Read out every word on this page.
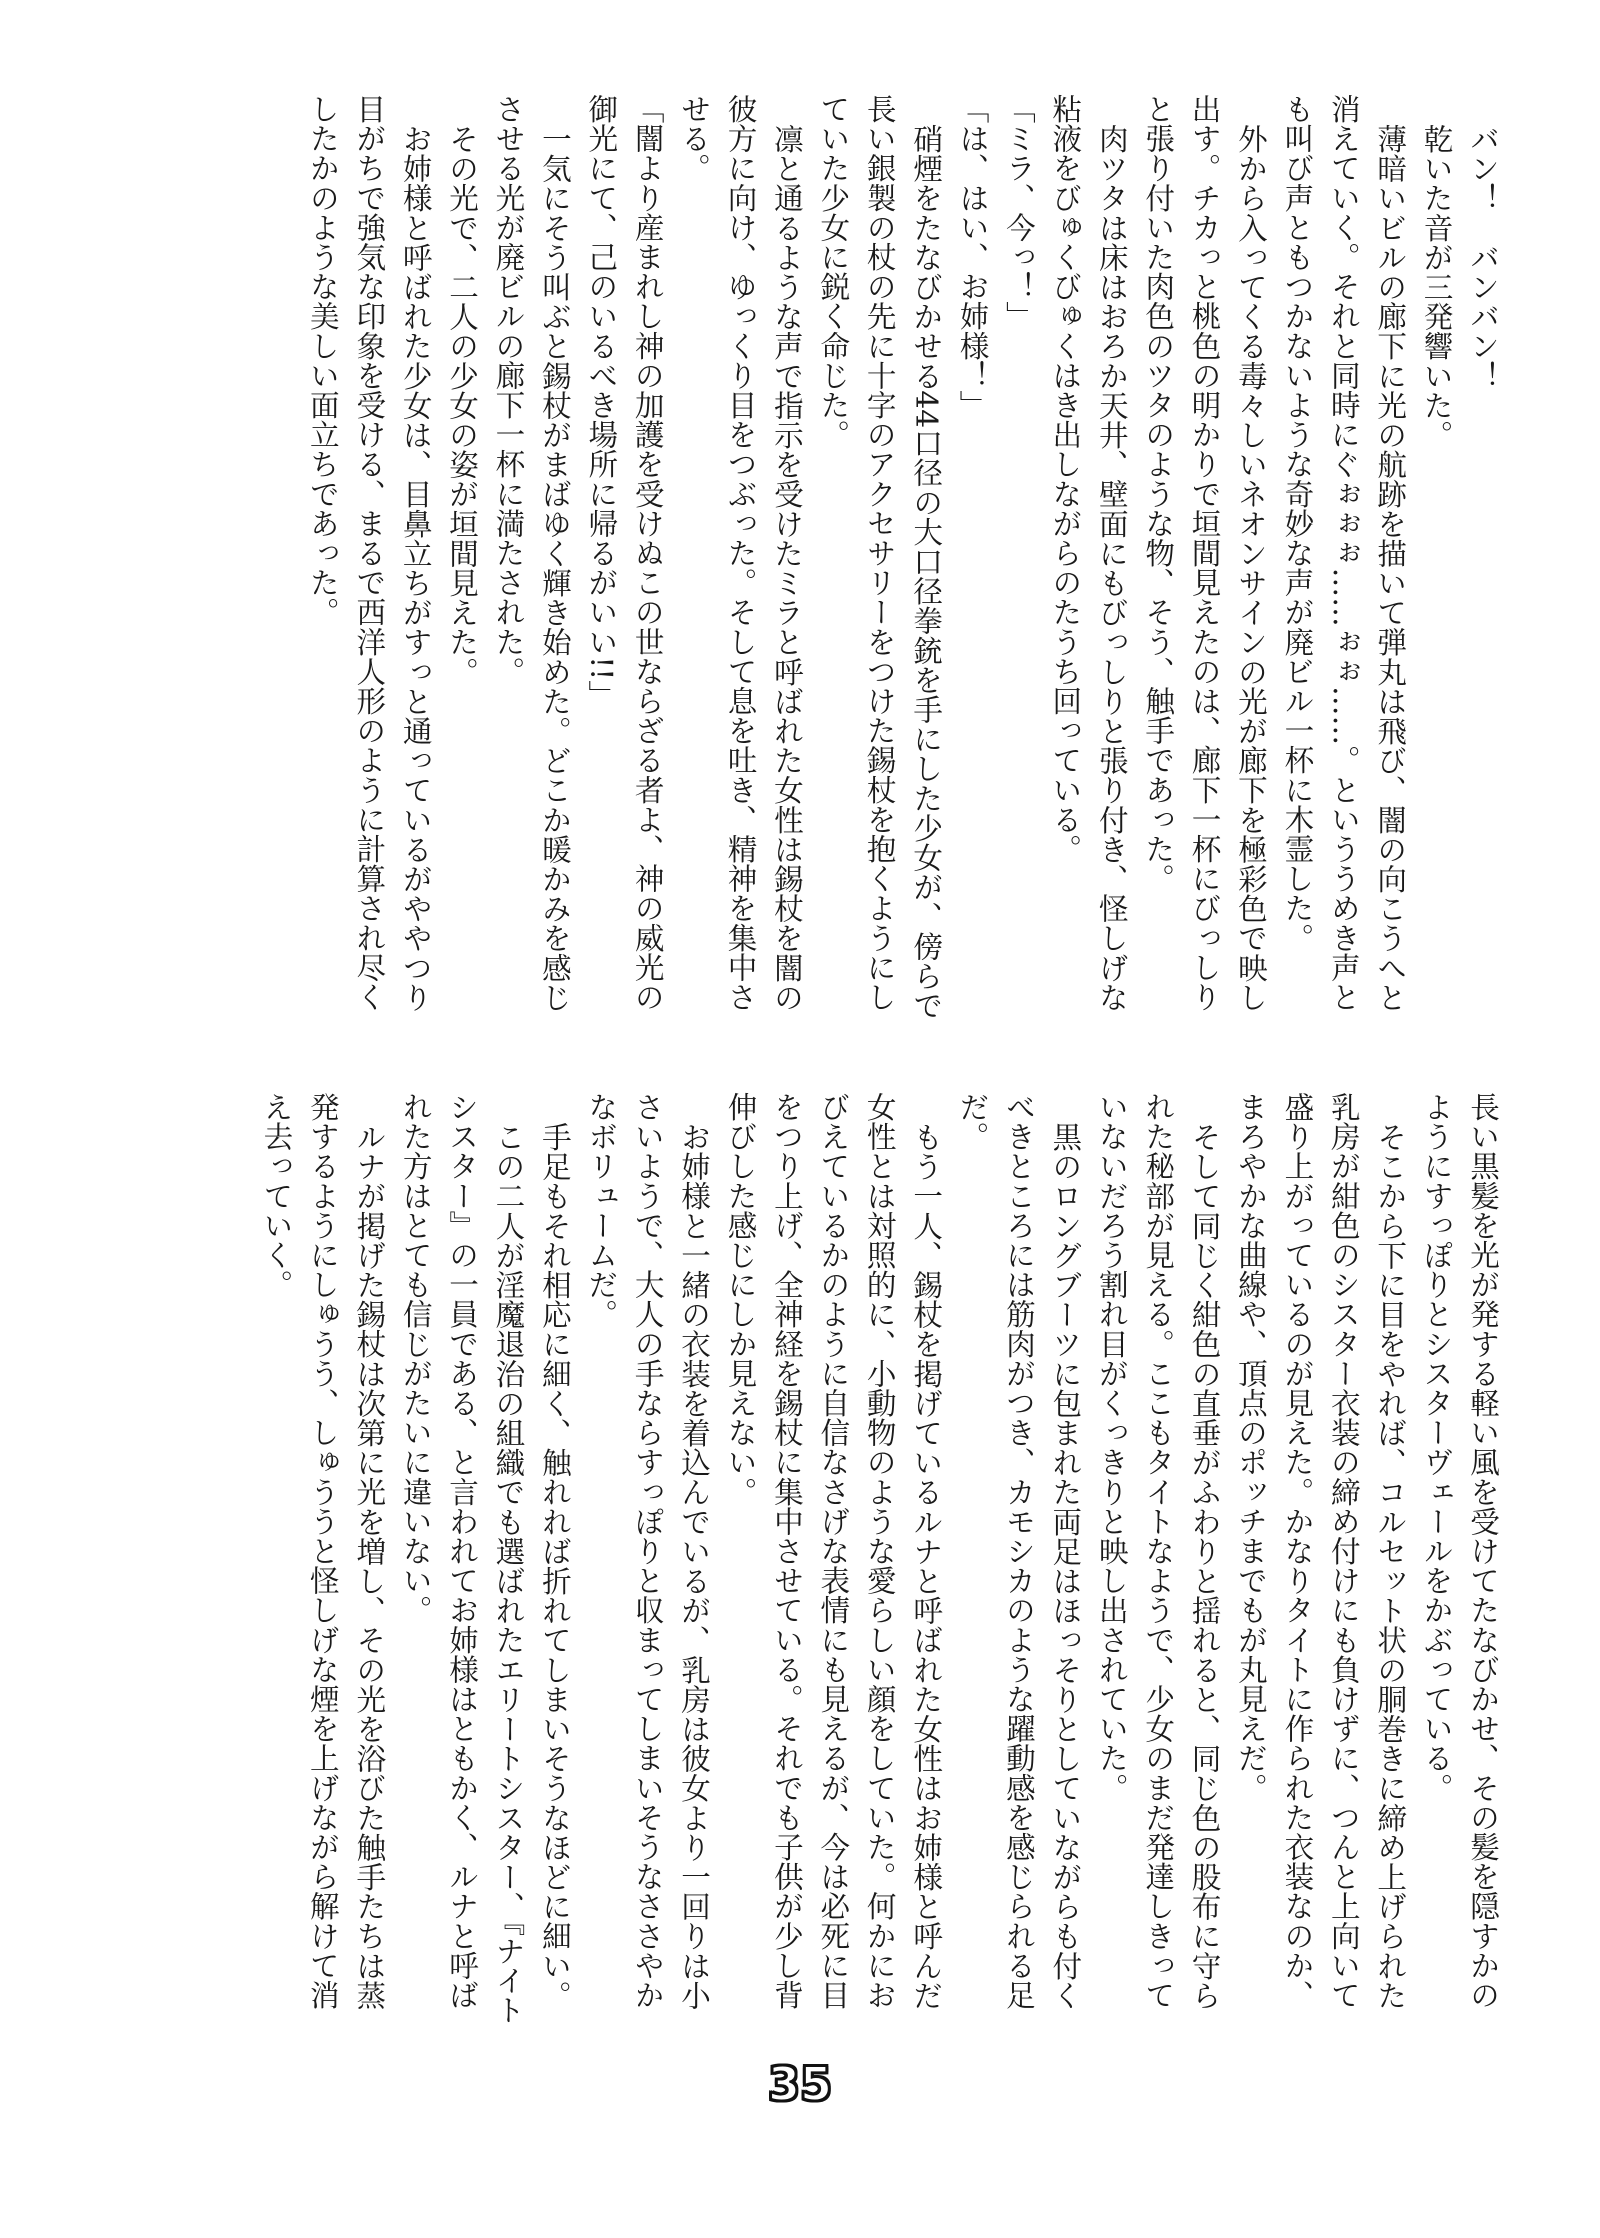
バン！　バンバン！

乾いた音が三発響いた。

薄暗いビルの廊下に光の航跡を描いて弾丸は飛び、闇の向こうへと消えていく。それと同時にぐぉぉぉ……ぉぉ……。といううめき声とも叫び声ともつかないような奇妙な声が廃ビル一杯に木霊した。

外から入ってくる毒々しいネオンサインの光が廊下を極彩色で映し出す。チカっと桃色の明かりで垣間見えたのは、廊下一杯にびっしりと張り付いた肉色のツタのような物、そう、触手であった。

肉ツタは床はおろか天井、壁面にもびっしりと張り付き、怪しげな粘液をびゅくびゅくはき出しながらのたうち回っている。

「ミラ、今っ！」

「は、はい、お姉様！」

硝煙をたなびかせる44口径の大口径拳銃を手にした少女が、傍らで長い銀製の杖の先に十字のアクセサリーをつけた錫杖を抱くようにしていた少女に鋭く命じた。

凛と通るような声で指示を受けたミラと呼ばれた女性は錫杖を闇の彼方に向け、ゆっくり目をつぶった。そして息を吐き、精神を集中させる。

「闇より産まれし神の加護を受けぬこの世ならざる者よ、神の威光の御光にて、己のいるべき場所に帰るがいい!!」

一気にそう叫ぶと錫杖がまばゆく輝き始めた。どこか暖かみを感じさせる光が廃ビルの廊下一杯に満たされた。

その光で、二人の少女の姿が垣間見えた。

お姉様と呼ばれた少女は、目鼻立ちがすっと通っているがややつり目がちで強気な印象を受ける、まるで西洋人形のように計算され尽くしたかのような美しい面立ちであった。

長い黒髪を光が発する軽い風を受けてたなびかせ、その髪を隠すかのようにすっぽりとシスターヴェールをかぶっている。

そこから下に目をやれば、コルセット状の胴巻きに締め上げられた乳房が紺色のシスター衣装の締め付けにも負けずに、つんと上向いて盛り上がっているのが見えた。かなりタイトに作られた衣装なのか、まろやかな曲線や、頂点のポッチまでもが丸見えだ。

そして同じく紺色の直垂がふわりと揺れると、同じ色の股布に守られた秘部が見える。ここもタイトなようで、少女のまだ発達しきっていないだろう割れ目がくっきりと映し出されていた。

黒のロングブーツに包まれた両足はほっそりとしていながらも付くべきところには筋肉がつき、カモシカのような躍動感を感じられる足だ。

もう一人、錫杖を掲げているルナと呼ばれた女性はお姉様と呼んだ女性とは対照的に、小動物のような愛らしい顔をしていた。何かにおびえているかのように自信なさげな表情にも見えるが、今は必死に目をつり上げ、全神経を錫杖に集中させている。それでも子供が少し背伸びした感じにしか見えない。

お姉様と一緒の衣装を着込んでいるが、乳房は彼女より一回りは小さいようで、大人の手ならすっぽりと収まってしまいそうなささやかなボリュームだ。

手足もそれ相応に細く、触れれば折れてしまいそうなほどに細い。

この二人が淫魔退治の組織でも選ばれたエリートシスター、『ナイトシスター』の一員である、と言われてお姉様はともかく、ルナと呼ばれた方はとても信じがたいに違いない。

ルナが掲げた錫杖は次第に光を増し、その光を浴びた触手たちは蒸発するようにしゅうう、しゅううと怪しげな煙を上げながら解けて消え去っていく。

35
